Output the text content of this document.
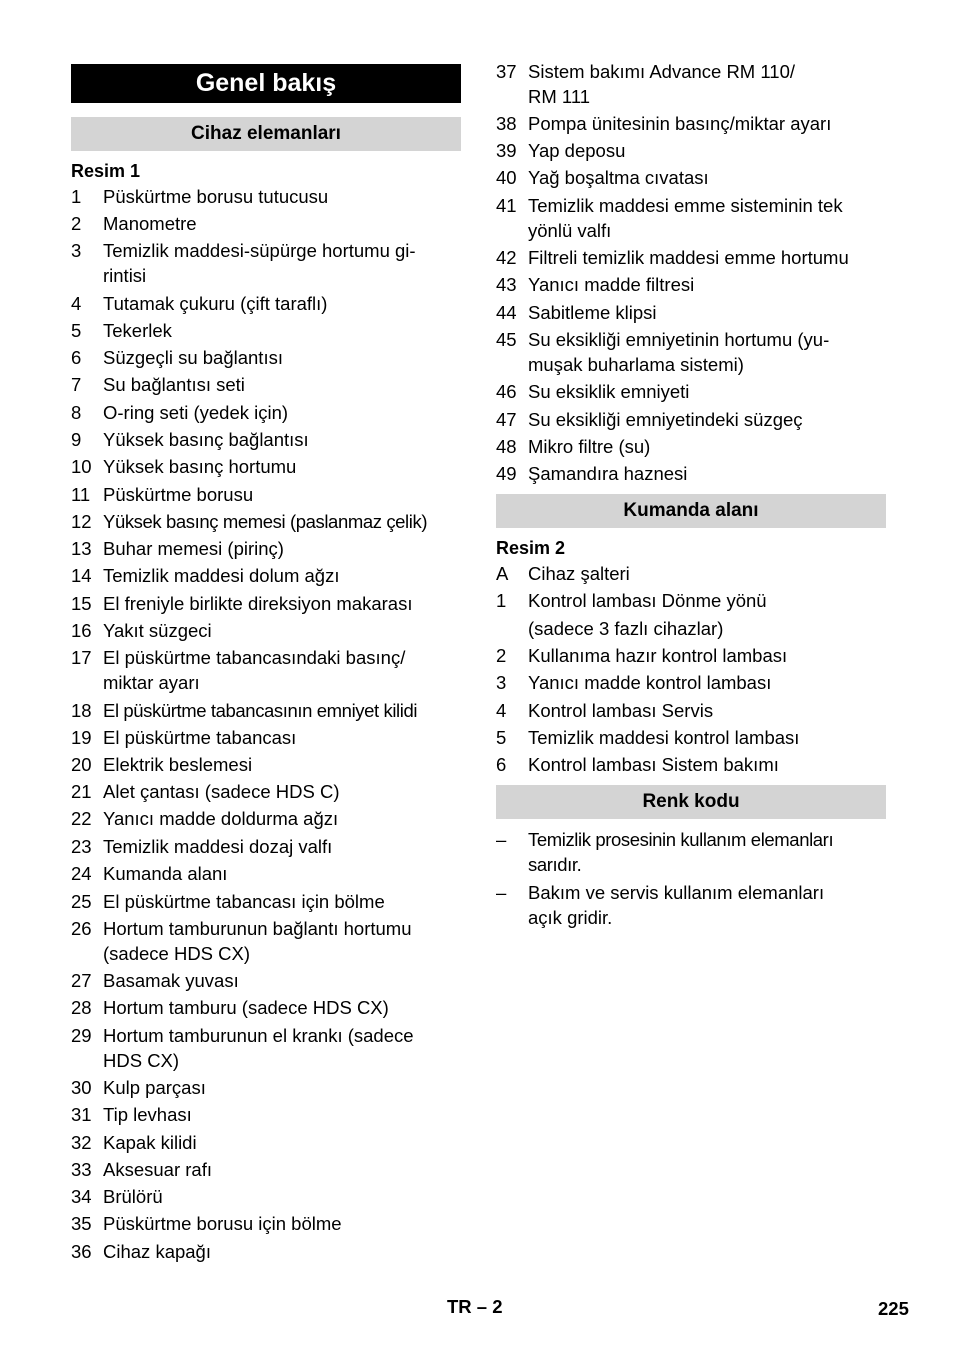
Genel bakış
Cihaz elemanları
Resim 1
1	Püskürtme borusu tutucusu
2	Manometre
3	Temizlik maddesi-süpürge hortumu gi-
rintisi
4	Tutamak çukuru (çift taraflı)
5	Tekerlek
6	Süzgeçli su bağlantısı
7	Su bağlantısı seti
8	O-ring seti (yedek için)
9	Yüksek basınç bağlantısı
10 Yüksek basınç hortumu
11 Püskürtme borusu
12 Yüksek basınç memesi (paslanmaz çelik)
13 Buhar memesi (pirinç)
14 Temizlik maddesi dolum ağzı
15 El freniyle birlikte direksiyon makarası
16 Yakıt süzgeci
17 El püskürtme tabancasındaki basınç/
miktar ayarı
18 El püskürtme tabancasının emniyet kilidi
19 El püskürtme tabancası
20 Elektrik beslemesi
21 Alet çantası (sadece HDS C)
22 Yanıcı madde doldurma ağzı
23 Temizlik maddesi dozaj valfı
24 Kumanda alanı
25 El püskürtme tabancası için bölme
26 Hortum tamburunun bağlantı hortumu
(sadece HDS CX)
27 Basamak yuvası
28 Hortum tamburu (sadece HDS CX)
29 Hortum tamburunun el krankı (sadece
HDS CX)
30 Kulp parçası
31 Tip levhası
32 Kapak kilidi
33 Aksesuar rafı
34 Brülörü
35 Püskürtme borusu için bölme
36 Cihaz kapağı
37 Sistem bakımı Advance RM 110/
RM 111
38 Pompa ünitesinin basınç/miktar ayarı
39 Yap deposu
40 Yağ boşaltma cıvatası
41 Temizlik maddesi emme sisteminin tek
yönlü valfı
42 Filtreli temizlik maddesi emme hortumu
43 Yanıcı madde filtresi
44 Sabitleme klipsi
45 Su eksikliği emniyetinin hortumu (yu-
muşak buharlama sistemi)
46 Su eksiklik emniyeti
47 Su eksikliği emniyetindeki süzgeç
48 Mikro filtre (su)
49 Şamandıra haznesi
Kumanda alanı
Resim 2
A	Cihaz şalteri
1	Kontrol lambası Dönme yönü
(sadece 3 fazlı cihazlar)
2	Kullanıma hazır kontrol lambası
3	Yanıcı madde kontrol lambası
4	Kontrol lambası Servis
5	Temizlik maddesi kontrol lambası
6	Kontrol lambası Sistem bakımı
Renk kodu
–	Temizlik prosesinin kullanım elemanları
sarıdır.
–	Bakım ve servis kullanım elemanları
açık gridir.
TR – 2	225
